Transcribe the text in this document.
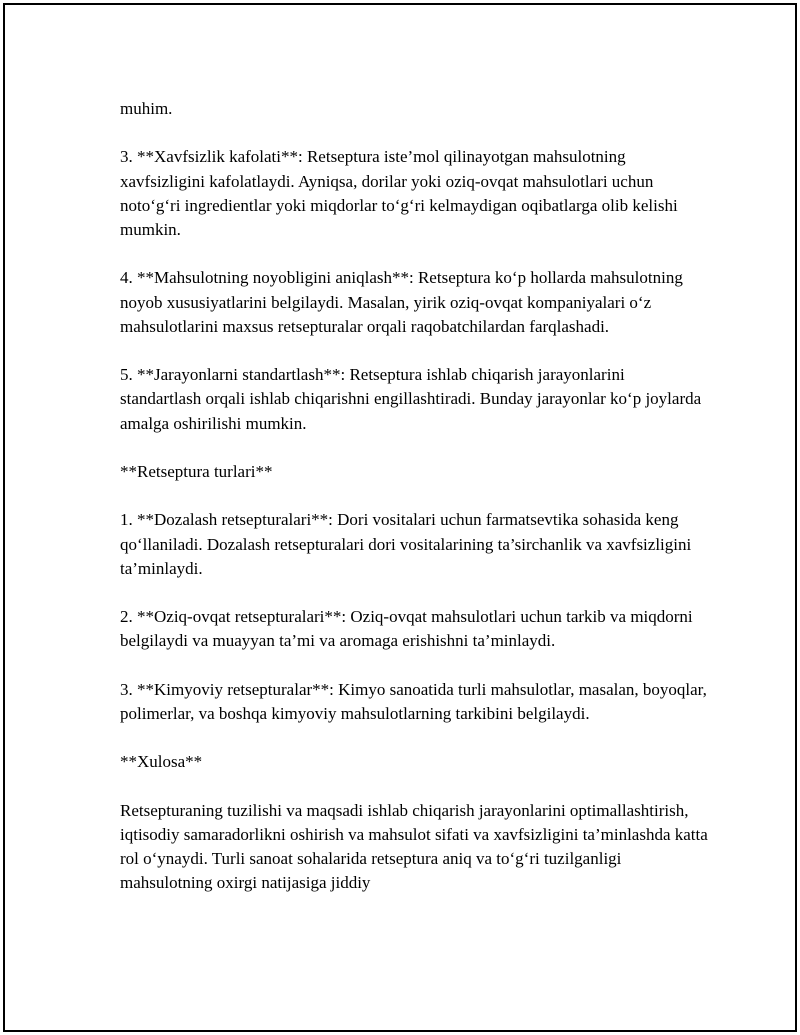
muhim.

3. **Xavfsizlik kafolati**: Retseptura iste’mol qilinayotgan mahsulotning xavfsizligini kafolatlaydi. Ayniqsa, dorilar yoki oziq-ovqat mahsulotlari uchun noto‘g‘ri ingredientlar yoki miqdorlar to‘g‘ri kelmaydigan oqibatlarga olib kelishi mumkin.

4. **Mahsulotning noyobligini aniqlash**: Retseptura ko‘p hollarda mahsulotning noyob xususiyatlarini belgilaydi. Masalan, yirik oziq-ovqat kompaniyalari o‘z mahsulotlarini maxsus retsepturalar orqali raqobatchilardan farqlashadi.

5. **Jarayonlarni standartlash**: Retseptura ishlab chiqarish jarayonlarini standartlash orqali ishlab chiqarishni engillashtiradi. Bunday jarayonlar ko‘p joylarda amalga oshirilishi mumkin.

**Retseptura turlari**

1. **Dozalash retsepturalari**: Dori vositalari uchun farmatsevtika sohasida keng qo‘llaniladi. Dozalash retsepturalari dori vositalarining ta’sirchanlik va xavfsizligini ta’minlaydi.

2. **Oziq-ovqat retsepturalari**: Oziq-ovqat mahsulotlari uchun tarkib va miqdorni belgilaydi va muayyan ta’mi va aromaga erishishni ta’minlaydi.

3. **Kimyoviy retsepturalar**: Kimyo sanoatida turli mahsulotlar, masalan, boyoqlar, polimerlar, va boshqa kimyoviy mahsulotlarning tarkibini belgilaydi.

**Xulosa**

Retsepturaning tuzilishi va maqsadi ishlab chiqarish jarayonlarini optimallashtirish, iqtisodiy samaradorlikni oshirish va mahsulot sifati va xavfsizligini ta’minlashda katta rol o‘ynaydi. Turli sanoat sohalarida retseptura aniq va to‘g‘ri tuzilganligi mahsulotning oxirgi natijasiga jiddiy
